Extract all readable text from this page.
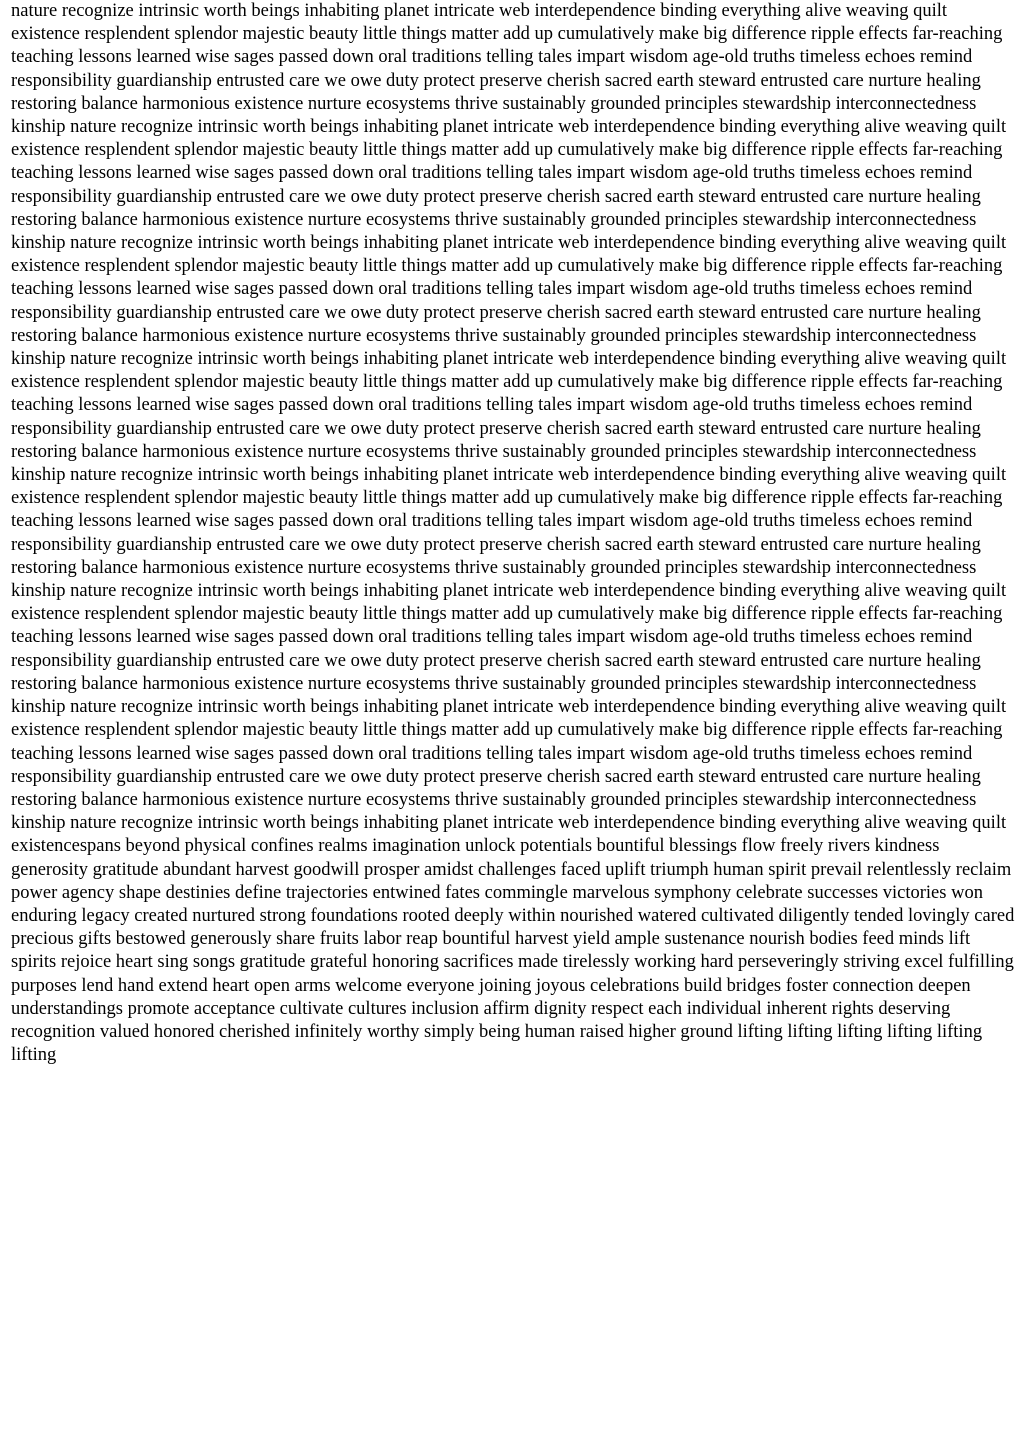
nature recognize intrinsic worth beings inhabiting planet intricate web interdependence binding everything alive weaving quilt existence resplendent splendor majestic beauty little things matter add up cumulatively make big difference ripple effects far-reaching teaching lessons learned wise sages passed down oral traditions telling tales impart wisdom age-old truths timeless echoes remind responsibility guardianship entrusted care we owe duty protect preserve cherish sacred earth steward entrusted care nurture healing restoring balance harmonious existence nurture ecosystems thrive sustainably grounded principles stewardship interconnectedness kinship nature recognize intrinsic worth beings inhabiting planet intricate web interdependence binding everything alive weaving quilt existence resplendent splendor majestic beauty little things matter add up cumulatively make big difference ripple effects far-reaching teaching lessons learned wise sages passed down oral traditions telling tales impart wisdom age-old truths timeless echoes remind responsibility guardianship entrusted care we owe duty protect preserve cherish sacred earth steward entrusted care nurture healing restoring balance harmonious existence nurture ecosystems thrive sustainably grounded principles stewardship interconnectedness kinship nature recognize intrinsic worth beings inhabiting planet intricate web interdependence binding everything alive weaving quilt existence resplendent splendor majestic beauty little things matter add up cumulatively make big difference ripple effects far-reaching teaching lessons learned wise sages passed down oral traditions telling tales impart wisdom age-old truths timeless echoes remind responsibility guardianship entrusted care we owe duty protect preserve cherish sacred earth steward entrusted care nurture healing restoring balance harmonious existence nurture ecosystems thrive sustainably grounded principles stewardship interconnectedness kinship nature recognize intrinsic worth beings inhabiting planet intricate web interdependence binding everything alive weaving quilt existence resplendent splendor majestic beauty little things matter add up cumulatively make big difference ripple effects far-reaching teaching lessons learned wise sages passed down oral traditions telling tales impart wisdom age-old truths timeless echoes remind responsibility guardianship entrusted care we owe duty protect preserve cherish sacred earth steward entrusted care nurture healing restoring balance harmonious existence nurture ecosystems thrive sustainably grounded principles stewardship interconnectedness kinship nature recognize intrinsic worth beings inhabiting planet intricate web interdependence binding everything alive weaving quilt existence resplendent splendor majestic beauty little things matter add up cumulatively make big difference ripple effects far-reaching teaching lessons learned wise sages passed down oral traditions telling tales impart wisdom age-old truths timeless echoes remind responsibility guardianship entrusted care we owe duty protect preserve cherish sacred earth steward entrusted care nurture healing restoring balance harmonious existence nurture ecosystems thrive sustainably grounded principles stewardship interconnectedness kinship nature recognize intrinsic worth beings inhabiting planet intricate web interdependence binding everything alive weaving quilt existence resplendent splendor majestic beauty little things matter add up cumulatively make big difference ripple effects far-reaching teaching lessons learned wise sages passed down oral traditions telling tales impart wisdom age-old truths timeless echoes remind responsibility guardianship entrusted care we owe duty protect preserve cherish sacred earth steward entrusted care nurture healing restoring balance harmonious existence nurture ecosystems thrive sustainably grounded principles stewardship interconnectedness kinship nature recognize intrinsic worth beings inhabiting planet intricate web interdependence binding everything alive weaving quilt existence resplendent splendor majestic beauty little things matter add up cumulatively make big difference ripple effects far-reaching teaching lessons learned wise sages passed down oral traditions telling tales impart wisdom age-old truths timeless echoes remind responsibility guardianship entrusted care we owe duty protect preserve cherish sacred earth steward entrusted care nurture healing restoring balance harmonious existence nurture ecosystems thrive sustainably grounded principles stewardship interconnectedness kinship nature recognize intrinsic worth beings inhabiting planet intricate web interdependence binding everything alive weaving quilt existencespans beyond physical confines realms imagination unlock potentials bountiful blessings flow freely rivers kindness generosity gratitude abundant harvest goodwill prosper amidst challenges faced uplift triumph human spirit prevail relentlessly reclaim power agency shape destinies define trajectories entwined fates commingle marvelous symphony celebrate successes victories won enduring legacy created nurtured strong foundations rooted deeply within nourished watered cultivated diligently tended lovingly cared precious gifts bestowed generously share fruits labor reap bountiful harvest yield ample sustenance nourish bodies feed minds lift spirits rejoice heart sing songs gratitude grateful honoring sacrifices made tirelessly working hard perseveringly striving excel fulfilling purposes lend hand extend heart open arms welcome everyone joining joyous celebrations build bridges foster connection deepen understandings promote acceptance cultivate cultures inclusion affirm dignity respect each individual inherent rights deserving recognition valued honored cherished infinitely worthy simply being human raised higher ground lifting lifting lifting lifting lifting lifting
